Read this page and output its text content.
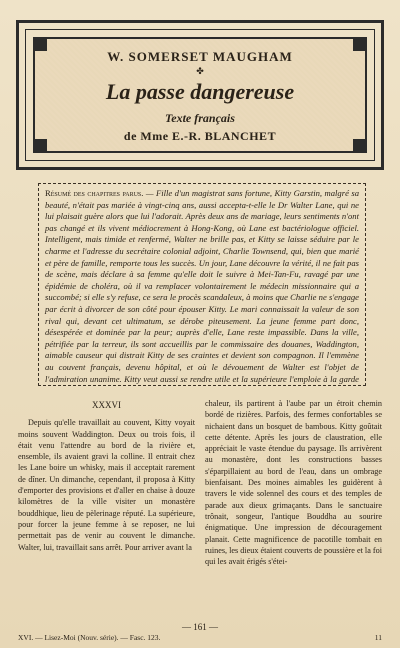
W. SOMERSET MAUGHAM
✤
La passe dangereuse
Texte français
de Mme E.-R. BLANCHET
Résumé des chapitres parus. — Fille d'un magistrat sans fortune, Kitty Garstin, malgré sa beauté, n'était pas mariée à vingt-cinq ans, aussi accepta-t-elle le Dr Walter Lane, qui ne lui plaisait guère alors que lui l'adorait. Après deux ans de mariage, leurs sentiments n'ont pas changé et ils vivent médiocrement à Hong-Kong, où Lane est bactériologue officiel. Intelligent, mais timide et renfermé, Walter ne brille pas, et Kitty se laisse séduire par le charme et l'adresse du secrétaire colonial adjoint, Charlie Townsend, qui, bien que marié et père de famille, remporte tous les succès. Un jour, Lane découvre la vérité, il ne fait pas de scène, mais déclare à sa femme qu'elle doit le suivre à Mei-Tan-Fu, ravagé par une épidémie de choléra, où il va remplacer volontairement le médecin missionnaire qui a succombé; si elle s'y refuse, ce sera le procès scandaleux, à moins que Charlie ne s'engage par écrit à divorcer de son côté pour épouser Kitty. Le mari connaissait la valeur de son rival qui, devant cet ultimatum, se dérobe piteusement. La jeune femme part donc, désespérée et dominée par la peur; auprès d'elle, Lane reste impassible. Dans la ville, pétrifiée par la terreur, ils sont accueillis par le commissaire des douanes, Waddington, aimable causeur qui distrait Kitty de ses craintes et devient son compagnon. Il l'emmène au couvent français, devenu hôpital, et où le dévouement de Walter est l'objet de l'admiration unanime. Kitty veut aussi se rendre utile et la supérieure l'emploie à la garde
XXXVI

Depuis qu'elle travaillait au couvent, Kitty voyait moins souvent Waddington. Deux ou trois fois, il était venu l'attendre au bord de la rivière et, ensemble, ils avaient gravi la colline. Il entrait chez les Lane boire un whisky, mais il acceptait rarement de dîner. Un dimanche, cependant, il proposa à Kitty d'emporter des provisions et d'aller en chaise à douze kilomètres de la ville visiter un monastère bouddhique, lieu de pèlerinage réputé. La supérieure, pour forcer la jeune femme à se reposer, ne lui permettait pas de venir au couvent le dimanche. Walter, lui, travaillait sans arrêt. Pour arriver avant la

chaleur, ils partirent à l'aube par un étroit chemin bordé de rizières. Parfois, des fermes confortables se nichaient dans un bosquet de bambous. Kitty goûtait cette détente. Après les jours de claustration, elle appréciait le vaste étendue du paysage. Ils arrivèrent au monastère, dont les constructions basses s'éparpillaient au bord de l'eau, dans un ombrage bienfaisant. Des moines aimables les guidèrent à travers le vide solennel des cours et des temples de parade aux dieux grimaçants. Dans le sanctuaire trônait, songeur, l'antique Bouddha au sourire énigmatique. Une impression de découragement planait. Cette magnificence de pacotille tombait en ruines, les dieux étaient couverts de poussière et la foi qui les avait érigés s'étei-

— 161 —
XVI. — Lisez-Moi (Nouv. série). — Fasc. 123.	11
